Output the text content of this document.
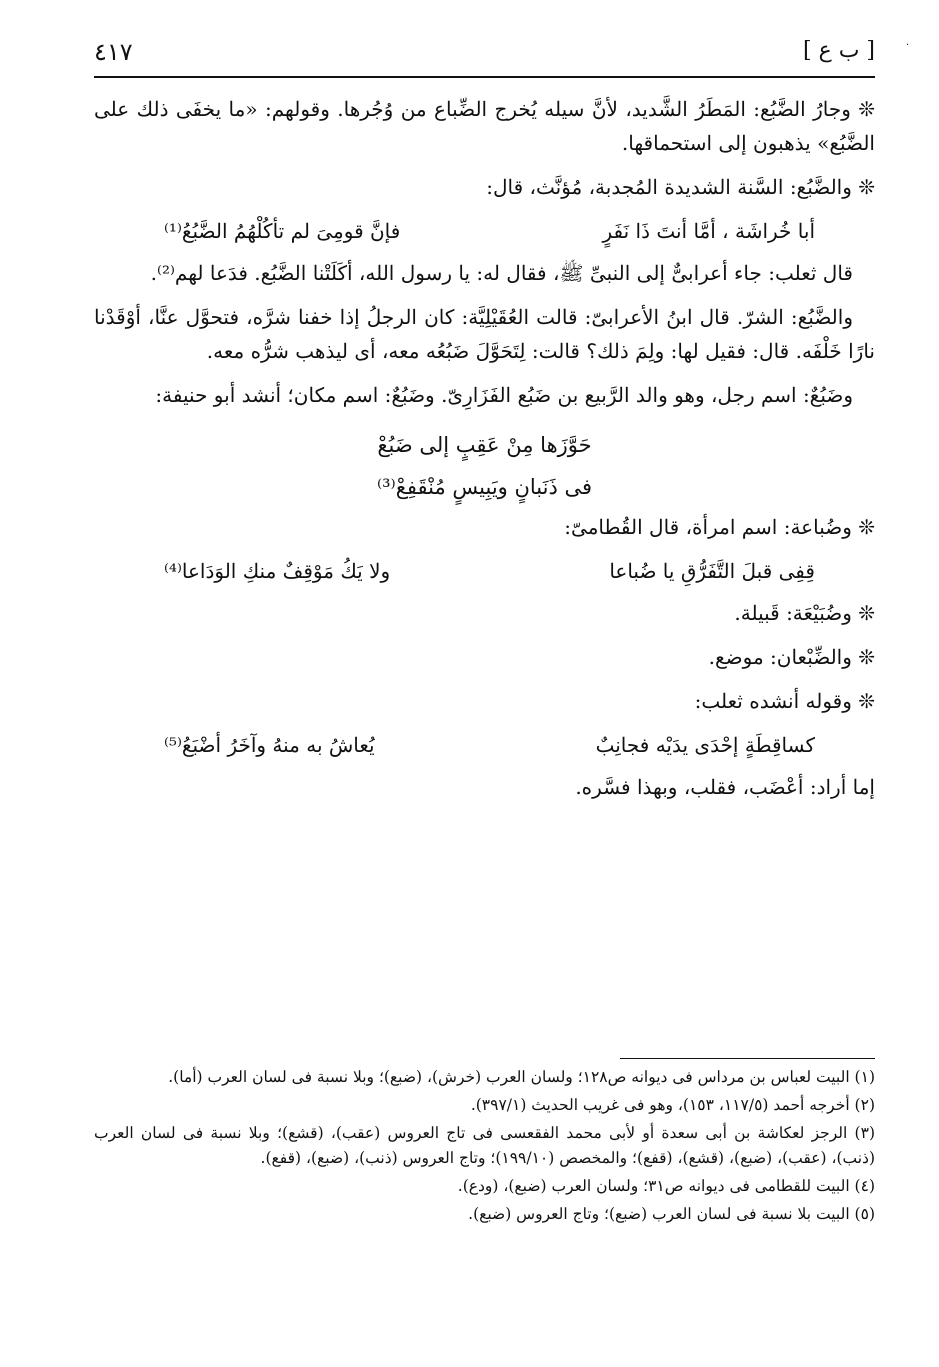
[ ب ع ]
٤١٧	·

❊ وجارُ الضَّبُع: المَطَرُ الشَّديد، لأنَّ سيله يُخرج الضِّباع من وُجُرها. وقولهم: «ما يخفَى ذلك على الضَّبُع» يذهبون إلى استحماقها.

❊ والضَّبُع: السَّنة الشديدة المُجدبة، مُؤنَّث، قال:

أبا خُراشَة ، أمَّا أنتَ ذَا نَفَرٍ
فإنَّ قومِىَ لم تأكُلْهُمُ الضَّبُعُ⁽¹⁾

قال ثعلب: جاء أعرابىٌّ إلى النبىِّ ﷺ، فقال له: يا رسول الله، أكَلَتْنا الضَّبُع. فدَعا لهم⁽²⁾.

والضَّبُع: الشرّ. قال ابنُ الأعرابىّ: قالت العُقَيْلِيَّة: كان الرجلُ إذا خفنا شرَّه، فتحوَّل عنَّا، أوْقَدْنا نارًا خَلْفَه. قال: فقيل لها: ولِمَ ذلك؟ قالت: لِتَحَوَّلَ ضَبُعُه معه، أى ليذهب شرُّه معه.

وضَبُعٌ: اسم رجل، وهو والد الرَّبيع بن ضَبُع الفَزَارِىّ. وضَبُعٌ: اسم مكان؛ أنشد أبو حنيفة:

حَوَّزَها مِنْ عَقِبٍ إلى ضَبُعْ
فى ذَنَبانٍ ويَبِيسٍ مُنْقَفِعْ⁽³⁾

❊ وضُباعة: اسم امرأة، قال القُطامىّ:

قِفِى قبلَ التَّفَرُّقِ يا ضُباعا
ولا يَكُ مَوْقِفٌ منكِ الوَدَاعا⁽⁴⁾

❊ وضُبَيْعَة: قَبيلة.

❊ والضِّبْعان: موضع.

❊ وقوله أنشده ثعلب:

كساقِطَةٍ إحْدَى يدَيْه فجانِبٌ
يُعاشُ به منهُ وآخَرُ أضْبَعُ⁽⁵⁾

إما أراد: أعْضَب، فقلب، وبهذا فسَّره.

(١) البيت لعباس بن مرداس فى ديوانه ص١٢٨؛ ولسان العرب (خرش)، (ضبع)؛ وبلا نسبة فى لسان العرب (أما).

(٢) أخرجه أحمد (١١٧/٥، ١٥٣)، وهو فى غريب الحديث (٣٩٧/١).

(٣) الرجز لعكاشة بن أبى سعدة أو لأبى محمد الفقعسى فى تاج العروس (عقب)، (قشع)؛ وبلا نسبة فى لسان العرب (ذنب)، (عقب)، (ضبع)، (قشع)، (قفع)؛ والمخصص (١٩٩/١٠)؛ وتاج العروس (ذنب)، (ضبع)، (قفع).

(٤) البيت للقطامى فى ديوانه ص٣١؛ ولسان العرب (ضبع)، (ودع).

(٥) البيت بلا نسبة فى لسان العرب (ضبع)؛ وتاج العروس (ضبع).
